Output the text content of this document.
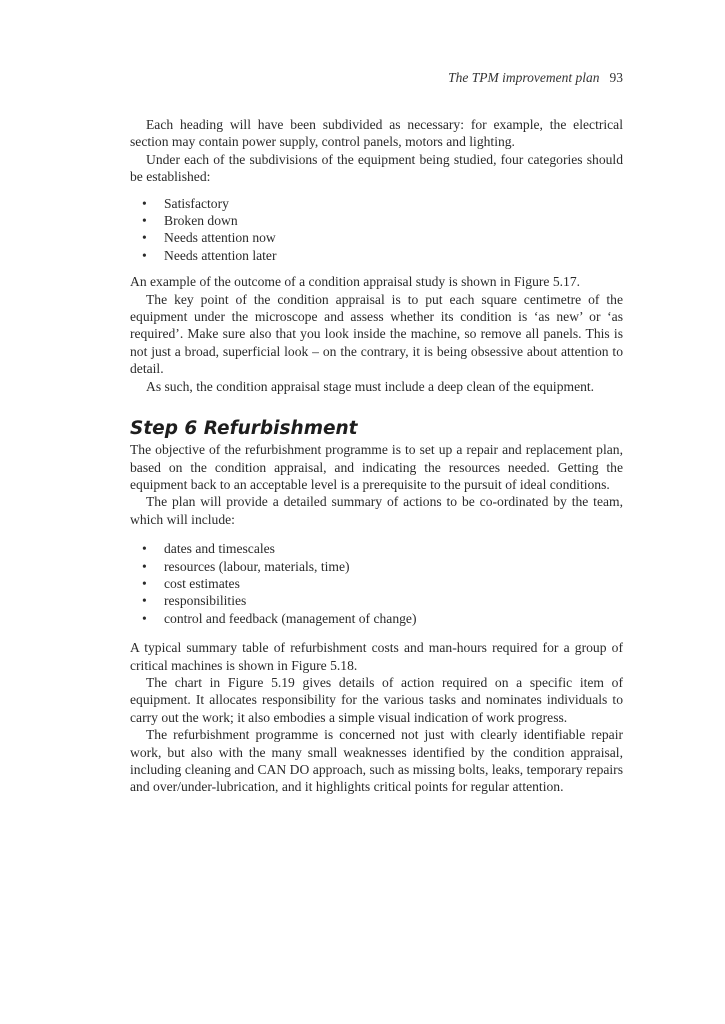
The TPM improvement plan 93

Each heading will have been subdivided as necessary: for example, the electrical section may contain power supply, control panels, motors and lighting.

Under each of the subdivisions of the equipment being studied, four categories should be established:

• Satisfactory
• Broken down
• Needs attention now
• Needs attention later

An example of the outcome of a condition appraisal study is shown in Figure 5.17.

The key point of the condition appraisal is to put each square centimetre of the equipment under the microscope and assess whether its condition is ‘as new’ or ‘as required’. Make sure also that you look inside the machine, so remove all panels. This is not just a broad, superficial look – on the contrary, it is being obsessive about attention to detail.

As such, the condition appraisal stage must include a deep clean of the equipment.

Step 6 Refurbishment

The objective of the refurbishment programme is to set up a repair and replacement plan, based on the condition appraisal, and indicating the resources needed. Getting the equipment back to an acceptable level is a prerequisite to the pursuit of ideal conditions.

The plan will provide a detailed summary of actions to be co-ordinated by the team, which will include:

• dates and timescales
• resources (labour, materials, time)
• cost estimates
• responsibilities
• control and feedback (management of change)

A typical summary table of refurbishment costs and man-hours required for a group of critical machines is shown in Figure 5.18.

The chart in Figure 5.19 gives details of action required on a specific item of equipment. It allocates responsibility for the various tasks and nominates individuals to carry out the work; it also embodies a simple visual indication of work progress.

The refurbishment programme is concerned not just with clearly identifiable repair work, but also with the many small weaknesses identified by the condition appraisal, including cleaning and CAN DO approach, such as missing bolts, leaks, temporary repairs and over/under-lubrication, and it highlights critical points for regular attention.
